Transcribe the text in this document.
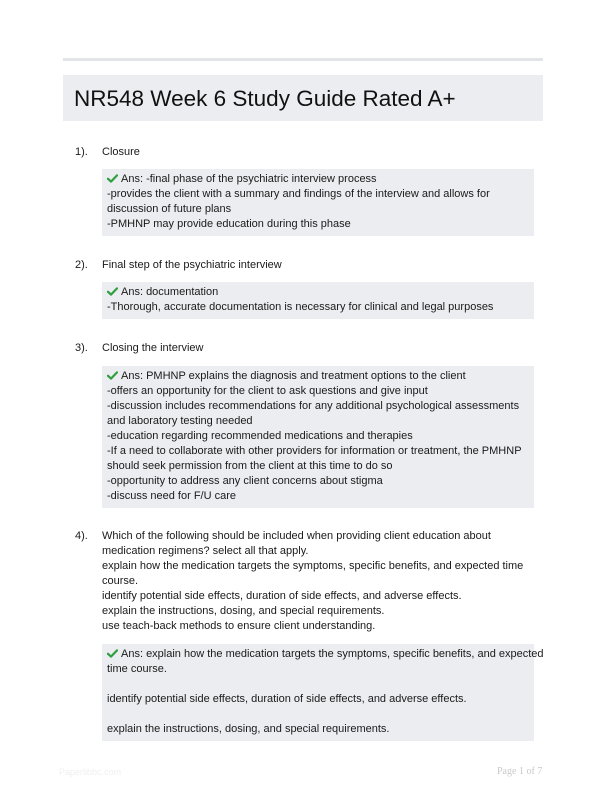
NR548 Week 6 Study Guide Rated A+
1). Closure
Ans: -final phase of the psychiatric interview process
-provides the client with a summary and findings of the interview and allows for
discussion of future plans
-PMHNP may provide education during this phase
2). Final step of the psychiatric interview
Ans: documentation
-Thorough, accurate documentation is necessary for clinical and legal purposes
3). Closing the interview
Ans: PMHNP explains the diagnosis and treatment options to the client
-offers an opportunity for the client to ask questions and give input
-discussion includes recommendations for any additional psychological assessments
and laboratory testing needed
-education regarding recommended medications and therapies
-If a need to collaborate with other providers for information or treatment, the PMHNP
should seek permission from the client at this time to do so
-opportunity to address any client concerns about stigma
-discuss need for F/U care
4). Which of the following should be included when providing client education about
medication regimens? select all that apply.
explain how the medication targets the symptoms, specific benefits, and expected time
course.
identify potential side effects, duration of side effects, and adverse effects.
explain the instructions, dosing, and special requirements.
use teach-back methods to ensure client understanding.
Ans: explain how the medication targets the symptoms, specific benefits, and expected
time course.
identify potential side effects, duration of side effects, and adverse effects.
explain the instructions, dosing, and special requirements.
Paperlibbc.com	Page 1 of 7
